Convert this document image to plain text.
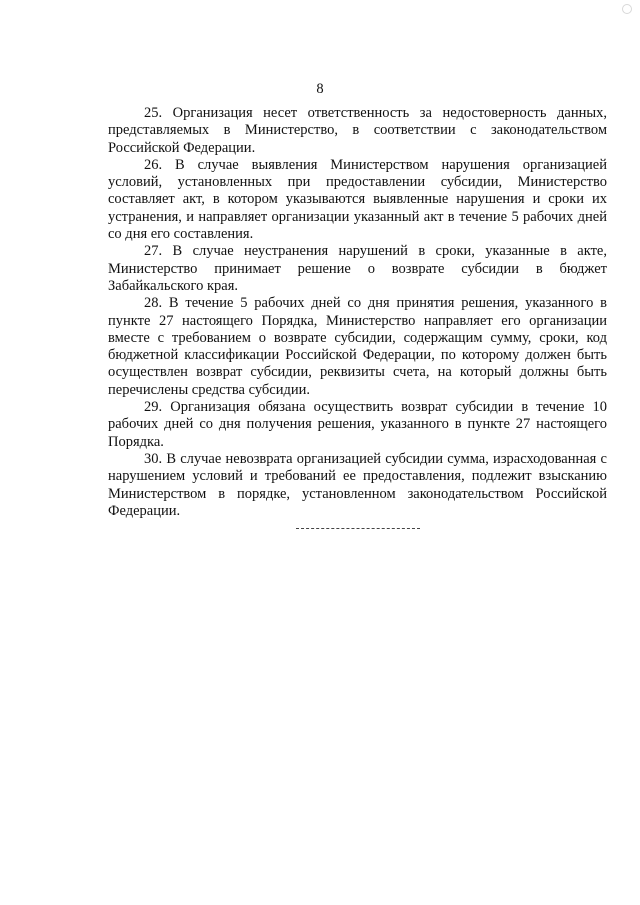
8

25. Организация несет ответственность за недостоверность данных, представляемых в Министерство, в соответствии с законодательством Российской Федерации.

26. В случае выявления Министерством нарушения организацией условий, установленных при предоставлении субсидии, Министерство составляет акт, в котором указываются выявленные нарушения и сроки их устранения, и направляет организации указанный акт в течение 5 рабочих дней со дня его составления.

27. В случае неустранения нарушений в сроки, указанные в акте, Министерство принимает решение о возврате субсидии в бюджет Забайкальского края.

28. В течение 5 рабочих дней со дня принятия решения, указанного в пункте 27 настоящего Порядка, Министерство направляет его организации вместе с требованием о возврате субсидии, содержащим сумму, сроки, код бюджетной классификации Российской Федерации, по которому должен быть осуществлен возврат субсидии, реквизиты счета, на который должны быть перечислены средства субсидии.

29. Организация обязана осуществить возврат субсидии в течение 10 рабочих дней со дня получения решения, указанного в пункте 27 настоящего Порядка.

30. В случае невозврата организацией субсидии сумма, израсходованная с нарушением условий и требований ее предоставления, подлежит взысканию Министерством в порядке, установленном законодательством Российской Федерации.
